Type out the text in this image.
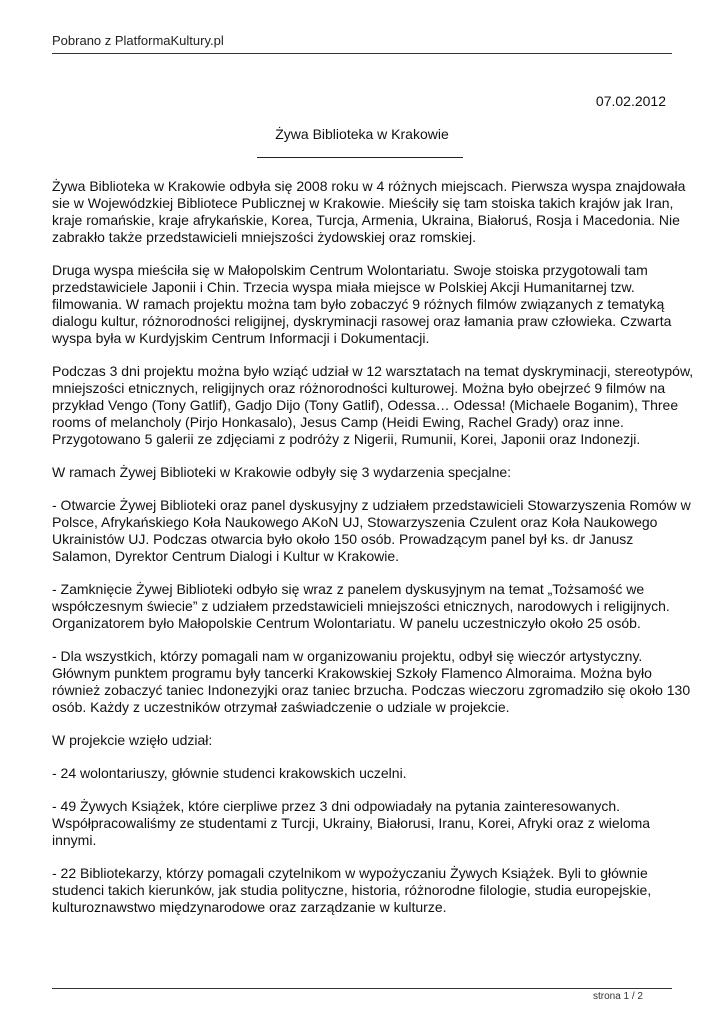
Pobrano z PlatformaKultury.pl
07.02.2012
Żywa Biblioteka w Krakowie

Żywa Biblioteka w Krakowie odbyła się 2008 roku w 4 różnych miejscach. Pierwsza wyspa znajdowała
sie w Wojewódzkiej Bibliotece Publicznej w Krakowie. Mieściły się tam stoiska takich krajów jak Iran,
kraje romańskie, kraje afrykańskie, Korea, Turcja, Armenia, Ukraina, Białoruś, Rosja i Macedonia. Nie
zabrakło także przedstawicieli mniejszości żydowskiej oraz romskiej.

Druga wyspa mieściła się w Małopolskim Centrum Wolontariatu. Swoje stoiska przygotowali tam
przedstawiciele Japonii i Chin. Trzecia wyspa miała miejsce w Polskiej Akcji Humanitarnej tzw.
filmowania. W ramach projektu można tam było zobaczyć 9 różnych filmów związanych z tematyką
dialogu kultur, różnorodności religijnej, dyskryminacji rasowej oraz łamania praw człowieka. Czwarta
wyspa była w Kurdyjskim Centrum Informacji i Dokumentacji.

Podczas 3 dni projektu można było wziąć udział w 12 warsztatach na temat dyskryminacji, stereotypów,
mniejszości etnicznych, religijnych oraz różnorodności kulturowej. Można było obejrzeć 9 filmów na
przykład Vengo (Tony Gatlif), Gadjo Dijo (Tony Gatlif), Odessa… Odessa! (Michaele Boganim), Three
rooms of melancholy (Pirjo Honkasalo), Jesus Camp (Heidi Ewing, Rachel Grady) oraz inne.
Przygotowano 5 galerii ze zdjęciami z podróży z Nigerii, Rumunii, Korei, Japonii oraz Indonezji.

W ramach Żywej Biblioteki w Krakowie odbyły się 3 wydarzenia specjalne:

- Otwarcie Żywej Biblioteki oraz panel dyskusyjny z udziałem przedstawicieli Stowarzyszenia Romów w
Polsce, Afrykańskiego Koła Naukowego AKoN UJ, Stowarzyszenia Czulent oraz Koła Naukowego
Ukrainistów UJ. Podczas otwarcia było około 150 osób. Prowadzącym panel był ks. dr Janusz
Salamon, Dyrektor Centrum Dialogi i Kultur w Krakowie.

- Zamknięcie Żywej Biblioteki odbyło się wraz z panelem dyskusyjnym na temat „Tożsamość we
współczesnym świecie” z udziałem przedstawicieli mniejszości etnicznych, narodowych i religijnych.
Organizatorem było Małopolskie Centrum Wolontariatu. W panelu uczestniczyło około 25 osób.

- Dla wszystkich, którzy pomagali nam w organizowaniu projektu, odbył się wieczór artystyczny.
Głównym punktem programu były tancerki Krakowskiej Szkoły Flamenco Almoraima. Można było
również zobaczyć taniec Indonezyjki oraz taniec brzucha. Podczas wieczoru zgromadziło się około 130
osób. Każdy z uczestników otrzymał zaświadczenie o udziale w projekcie.

W projekcie wzięło udział:

- 24 wolontariuszy, głównie studenci krakowskich uczelni.

- 49 Żywych Książek, które cierpliwe przez 3 dni odpowiadały na pytania zainteresowanych.
Współpracowaliśmy ze studentami z Turcji, Ukrainy, Białorusi, Iranu, Korei, Afryki oraz z wieloma
innymi.

- 22 Bibliotekarzy, którzy pomagali czytelnikom w wypożyczaniu Żywych Książek. Byli to głównie
studenci takich kierunków, jak studia polityczne, historia, różnorodne filologie, studia europejskie,
kulturoznawstwo międzynarodowe oraz zarządzanie w kulturze.

strona 1 / 2
